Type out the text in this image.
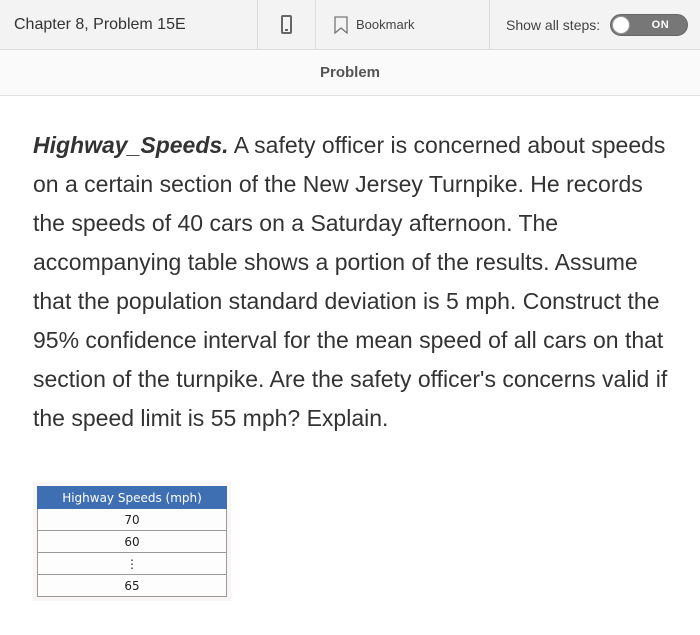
Chapter 8, Problem 15E	Bookmark	Show all steps:	ON
Problem

Highway_Speeds. A safety officer is concerned about speeds on a certain section of the New Jersey Turnpike. He records the speeds of 40 cars on a Saturday afternoon. The accompanying table shows a portion of the results. Assume that the population standard deviation is 5 mph. Construct the 95% confidence interval for the mean speed of all cars on that section of the turnpike. Are the safety officer's concerns valid if the speed limit is 55 mph? Explain.

Highway Speeds (mph)
70
60
⋮
65
